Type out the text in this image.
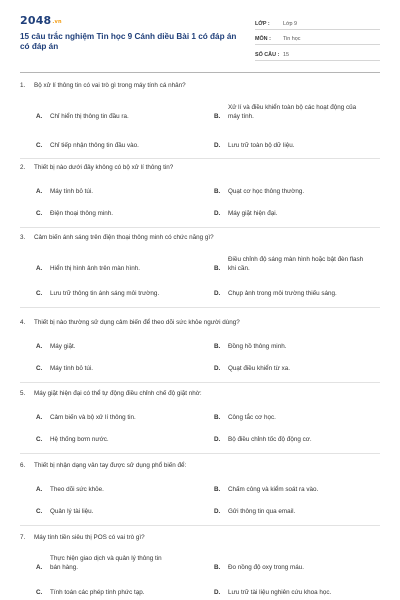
2048.vn
15 câu trắc nghiệm Tin học 9 Cánh diều Bài 1 có đáp án có đáp án
LỚP :	Lớp 9
MÔN :	Tin học
SỐ CÂU : 15
1. Bộ xử lí thông tin có vai trò gì trong máy tính cá nhân?
A. Chỉ hiển thị thông tin đầu ra.	B.
Xử lí và điều khiển toàn bộ các hoạt động của máy tính.
C. Chỉ tiếp nhận thông tin đầu vào.	D. Lưu trữ toàn bộ dữ liệu.
2. Thiết bị nào dưới đây không có bộ xử lí thông tin?
A. Máy tính bỏ túi.	B. Quạt cơ học thông thường.
C. Điện thoại thông minh.	D. Máy giặt hiện đại.
3. Cảm biến ánh sáng trên điện thoại thông minh có chức năng gì?
A. Hiển thị hình ảnh trên màn hình.	B.
Điều chỉnh độ sáng màn hình hoặc bật đèn flash khi cần.
C. Lưu trữ thông tin ánh sáng môi trường.	D. Chụp ảnh trong môi trường thiếu sáng.
4. Thiết bị nào thường sử dụng cảm biến để theo dõi sức khỏe người dùng?
A. Máy giặt.	B. Đồng hồ thông minh.
C. Máy tính bỏ túi.	D. Quạt điều khiển từ xa.
5. Máy giặt hiện đại có thể tự động điều chỉnh chế độ giặt nhờ:
A. Cảm biến và bộ xử lí thông tin.	B. Công tắc cơ học.
C. Hệ thống bơm nước.	D. Bộ điều chỉnh tốc độ động cơ.
6. Thiết bị nhận dạng vân tay được sử dụng phổ biến để:
A. Theo dõi sức khỏe.	B. Chấm công và kiểm soát ra vào.
C. Quản lý tài liệu.	D. Gửi thông tin qua email.
7. Máy tính tiền siêu thị POS có vai trò gì?
A.
Thực hiện giao dịch và quản lý thông tin bán hàng.	B. Đo nồng độ oxy trong máu.
C. Tính toán các phép tính phức tạp.	D. Lưu trữ tài liệu nghiên cứu khoa học.
